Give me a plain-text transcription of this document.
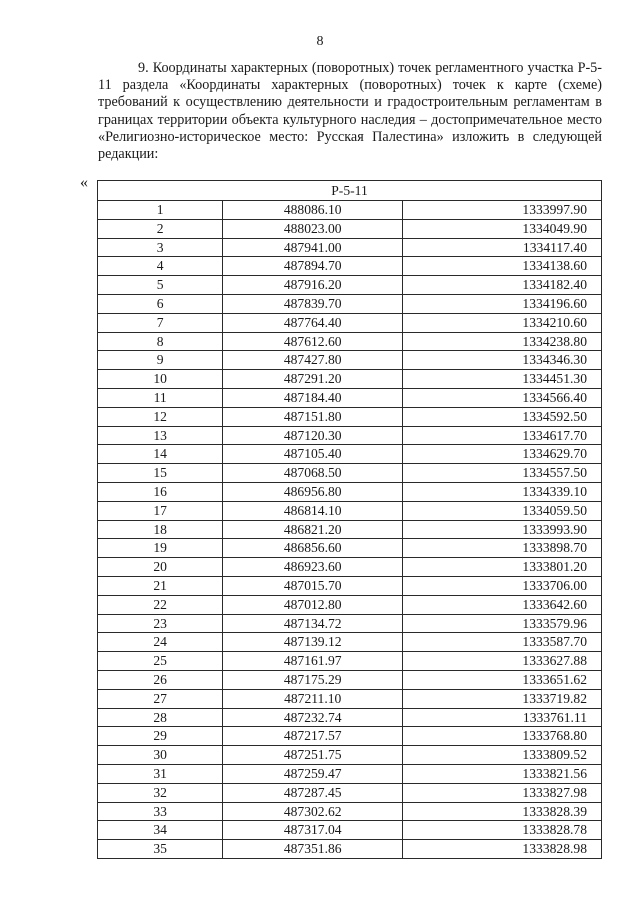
8

9. Координаты характерных (поворотных) точек регламентного участка Р-5-11 раздела «Координаты характерных (поворотных) точек к карте (схеме) требований к осуществлению деятельности и градостроительным регламентам в границах территории объекта культурного наследия – достопримечательное место «Религиозно-историческое место: Русская Палестина» изложить в следующей редакции:

«	Р-5-11		
1	488086.10	1333997.90
2	488023.00	1334049.90
3	487941.00	1334117.40
4	487894.70	1334138.60
5	487916.20	1334182.40
6	487839.70	1334196.60
7	487764.40	1334210.60
8	487612.60	1334238.80
9	487427.80	1334346.30
10	487291.20	1334451.30
11	487184.40	1334566.40
12	487151.80	1334592.50
13	487120.30	1334617.70
14	487105.40	1334629.70
15	487068.50	1334557.50
16	486956.80	1334339.10
17	486814.10	1334059.50
18	486821.20	1333993.90
19	486856.60	1333898.70
20	486923.60	1333801.20
21	487015.70	1333706.00
22	487012.80	1333642.60
23	487134.72	1333579.96
24	487139.12	1333587.70
25	487161.97	1333627.88
26	487175.29	1333651.62
27	487211.10	1333719.82
28	487232.74	1333761.11
29	487217.57	1333768.80
30	487251.75	1333809.52
31	487259.47	1333821.56
32	487287.45	1333827.98
33	487302.62	1333828.39
34	487317.04	1333828.78
35	487351.86	1333828.98
